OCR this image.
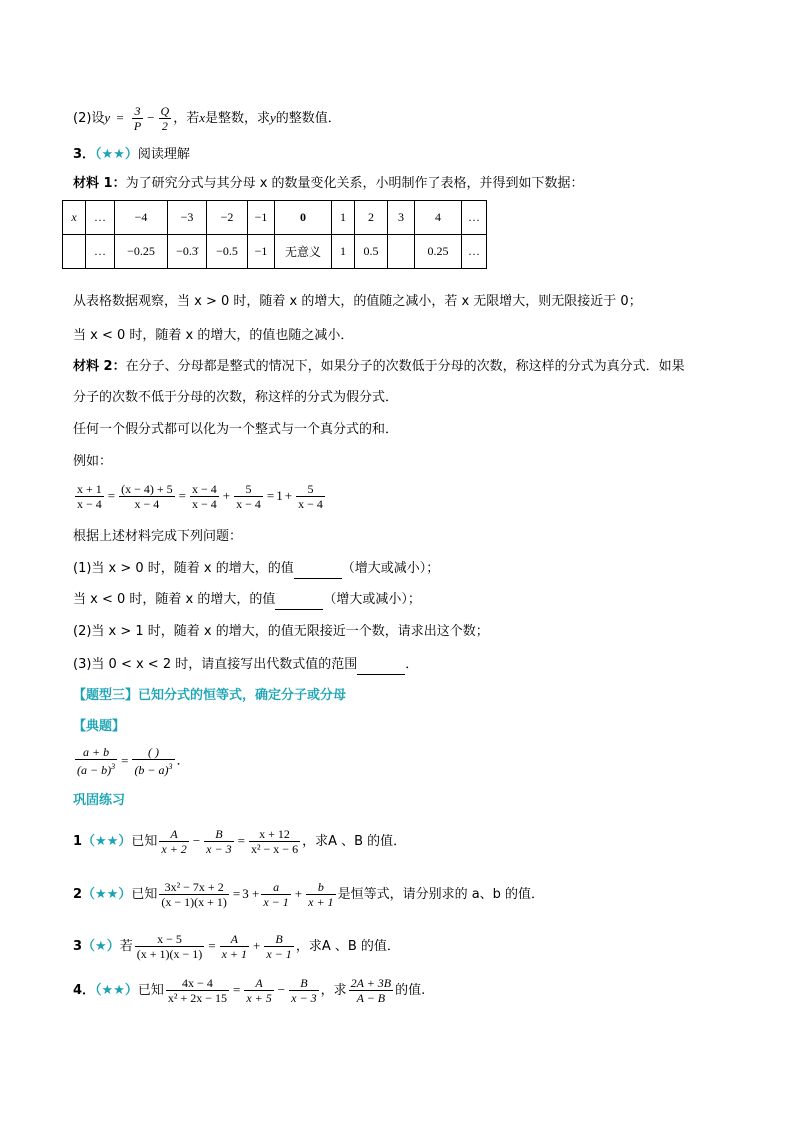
(2)设$y = \frac{3}{P} - \frac{Q}{2}$ ，若x是整数，求y的整数值．
3．（★★）阅读理解
材料 1：为了研究分式与其分母 x 的数量变化关系，小明制作了表格，并得到如下数据：
x	…	−4	−3	−2	−1	0	1	2	3	4	…
	…	−0.25	−0.3̇	−0.5	−1	无意义	1	0.5		0.25	…
从表格数据观察，当 x > 0 时，随着 x 的增大，的值随之减小，若 x 无限增大，则无限接近于 0；
当 x < 0 时，随着 x 的增大，的值也随之减小．
材料 2：在分子、分母都是整式的情况下，如果分子的次数低于分母的次数，称这样的分式为真分式．如果
分子的次数不低于分母的次数，称这样的分式为假分式．
任何一个假分式都可以化为一个整式与一个真分式的和．
例如：
$\frac{x + 1}{x - 4} = \frac{(x - 4) + 5}{x - 4} = \frac{x - 4}{x - 4} + \frac{5}{x - 4} = 1 + \frac{5}{x - 4}$
根据上述材料完成下列问题：
(1)当 x > 0 时，随着 x 的增大，的值	（增大或减小）；
当 x < 0 时，随着 x 的增大，的值	（增大或减小）；
(2)当 x > 1 时，随着 x 的增大，的值无限接近一个数，请求出这个数；
(3)当 0 < x < 2 时，请直接写出代数式值的范围	．
【题型三】已知分式的恒等式，确定分子或分母
【典题】
$\frac{a + b}{(a - b)^3} = \frac{( )}{(b - a)^3}$ ．
巩固练习
1（★★）已知 $\frac{A}{x + 2} - \frac{B}{x - 3} = \frac{x + 12}{\text{x² − x − 6}}$ ，求A 、B 的值．
2（★★）已知 $\frac{\text{3x² − 7x + 2}}{(x - 1)(x + 1)} = 3 + \frac{a}{x - 1} + \frac{b}{x + 1}$ 是恒等式，请分别求的 a、b 的值．
3（★）若 $\frac{x - 5}{(x + 1)(x - 1)} = \frac{A}{x + 1} + \frac{B}{x - 1}$ ，求A 、B 的值．
4．（★★）已知 $\frac{4x - 4}{\text{x² + 2x − 15}} = \frac{A}{x + 5} - \frac{B}{x - 3}$ ，求 $\frac{2A + 3B}{A - B}$ 的值.
